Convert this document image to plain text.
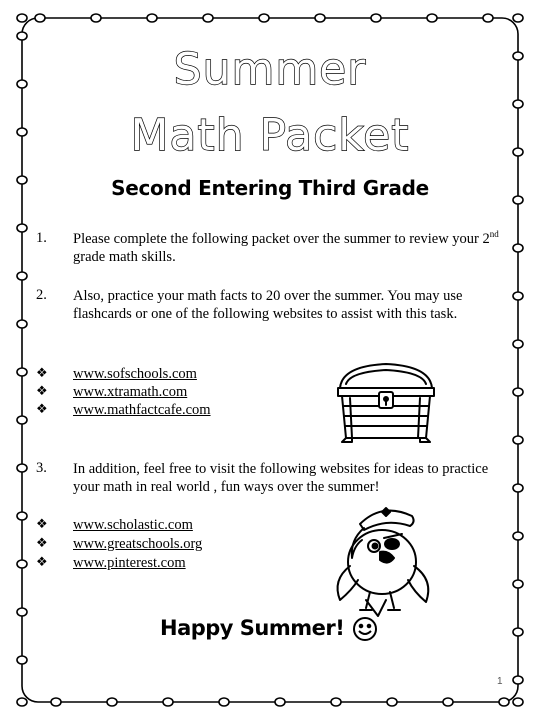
Summer
Math Packet
Second Entering Third Grade
1. Please complete the following packet over the summer to review your 2nd grade math skills.
2. Also, practice your math facts to 20 over the summer. You may use flashcards or one of the following websites to assist with this task.
❖
❖
❖
www.sofschools.com
www.xtramath.com
www.mathfactcafe.com
3. In addition, feel free to visit the following websites for ideas to practice your math in real world , fun ways over the summer!
❖
❖
❖
www.scholastic.com
www.greatschools.org
www.pinterest.com
Happy Summer!
1
